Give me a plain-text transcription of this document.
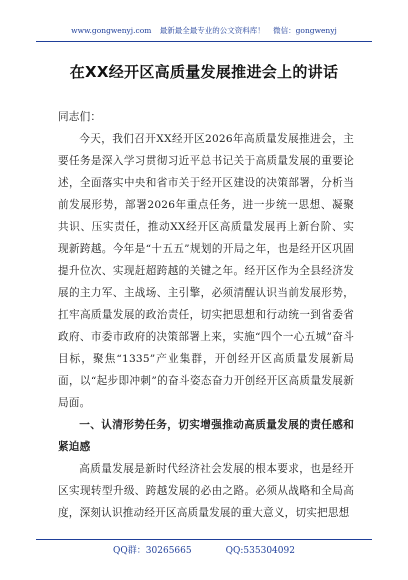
www.gongwenyj.com 最新最全最专业的公文资料库！ 微信：gongwenyj
在XX经开区高质量发展推进会上的讲话

同志们：

今天，我们召开XX经开区2026年高质量发展推进会，主要任务是深入学习贯彻习近平总书记关于高质量发展的重要论述，全面落实中央和省市关于经开区建设的决策部署，分析当前发展形势，部署2026年重点任务，进一步统一思想、凝聚共识、压实责任，推动XX经开区高质量发展再上新台阶、实现新跨越。今年是“十五五”规划的开局之年，也是经开区巩固提升位次、实现赶超跨越的关键之年。经开区作为全县经济发展的主力军、主战场、主引擎，必须清醒认识当前发展形势，扛牢高质量发展的政治责任，切实把思想和行动统一到省委省政府、市委市政府的决策部署上来，实施“四个一心五城”奋斗目标，聚焦“1335”产业集群，开创经开区高质量发展新局面，以“起步即冲刺”的奋斗姿态奋力开创经开区高质量发展新局面。

一、认清形势任务，切实增强推动高质量发展的责任感和紧迫感

高质量发展是新时代经济社会发展的根本要求，也是经开区实现转型升级、跨越发展的必由之路。必须从战略和全局高度，深刻认识推动经开区高质量发展的重大意义，切实把思想

QQ群：30265665	QQ:535304092
